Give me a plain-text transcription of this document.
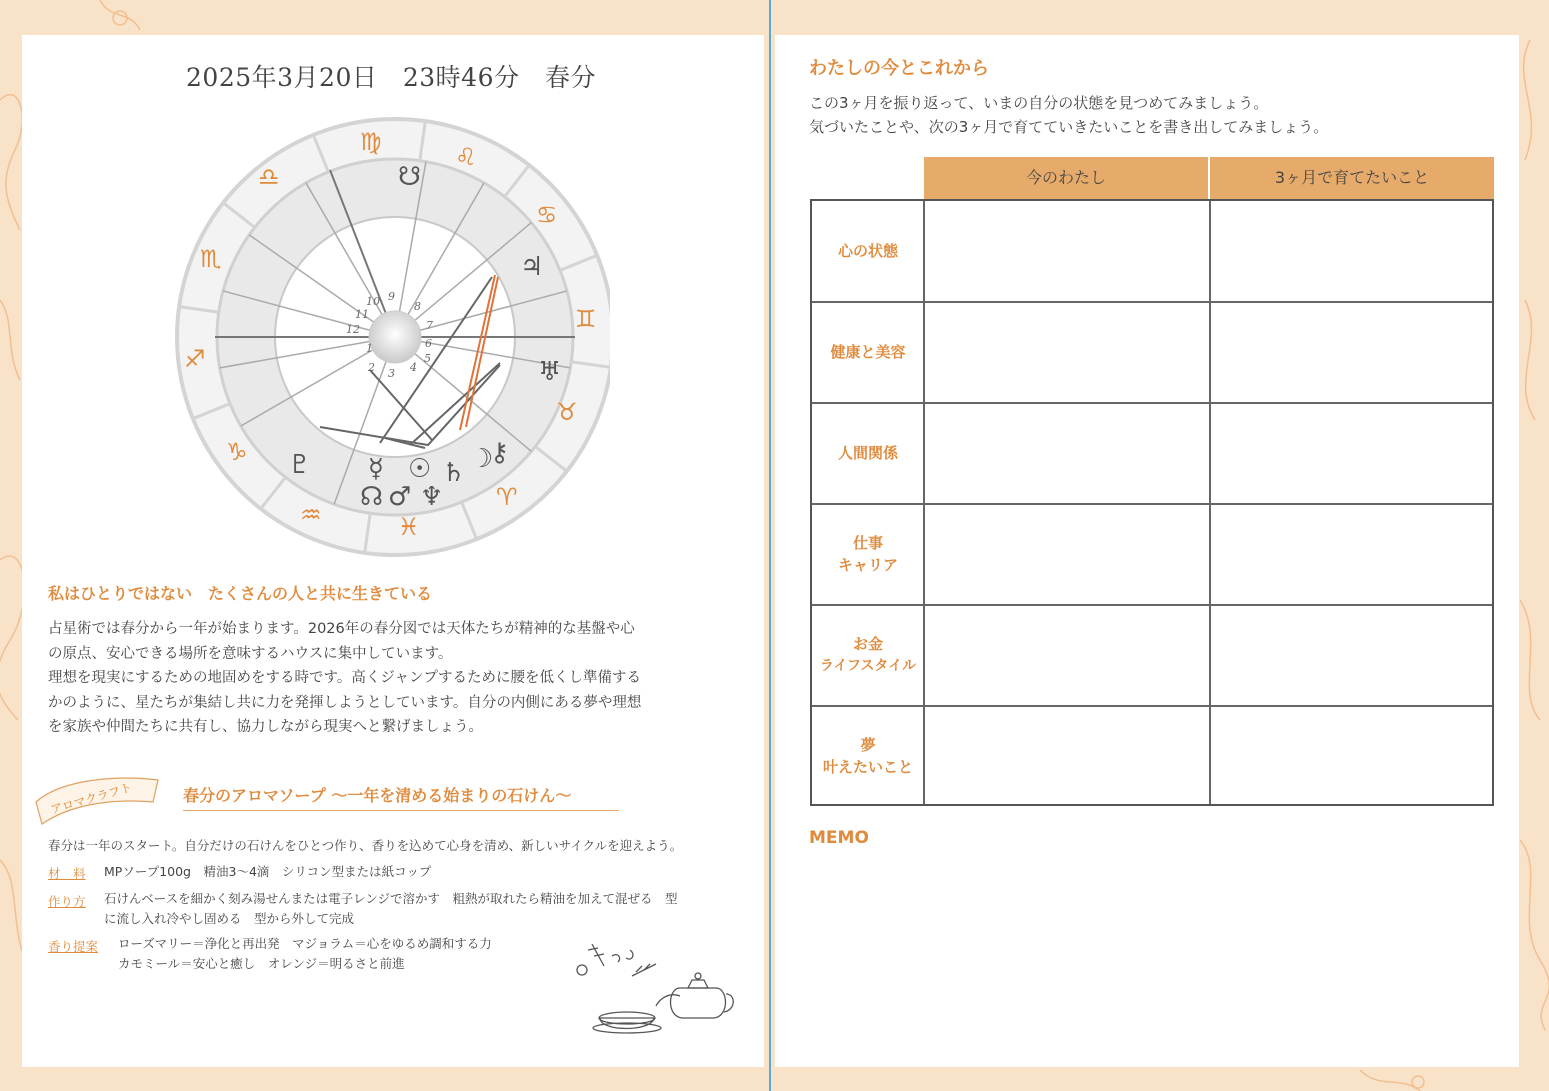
2025年3月20日　23時46分　春分
1
2 3 4
5
6
7
8
9
10
11
12
♈
♉
♊
♋
♌
♍
♎
♏
♐
♑
♒	♓
♃
♅
♇ ☿ ☉ ☽
♄
⚷
♂ ♆
☊
☋
私はひとりではない　たくさんの人と共に生きている
占星術では春分から一年が始まります。2026年の春分図では天体たちが精神的な基盤や心
の原点、安心できる場所を意味するハウスに集中しています。
理想を現実にするための地固めをする時です。高くジャンプするために腰を低くし準備する
かのように、星たちが集結し共に力を発揮しようとしています。自分の内側にある夢や理想
を家族や仲間たちに共有し、協力しながら現実へと繋げましょう。
アロマクラフト	春分のアロマソープ 〜一年を清める始まりの石けん〜
春分は一年のスタート。自分だけの石けんをひとつ作り、香りを込めて心身を清め、新しいサイクルを迎えよう。
材　料 MPソープ100g　精油3〜4滴　シリコン型または紙コップ
作り方 石けんベースを細かく刻み湯せんまたは電子レンジで溶かす　粗熱が取れたら精油を加えて混ぜる　型
に流し入れ冷やし固める　型から外して完成
香り提案 ローズマリー＝浄化と再出発　マジョラム＝心をゆるめ調和する力
カモミール＝安心と癒し　オレンジ＝明るさと前進
わたしの今とこれから
この3ヶ月を振り返って、いまの自分の状態を見つめてみましょう。
気づいたことや、次の3ヶ月で育てていきたいことを書き出してみましょう。
今のわたし	3ヶ月で育てたいこと
心の状態
健康と美容
人間関係
仕事
キャリア
お金
ライフスタイル
夢
叶えたいこと
MEMO
